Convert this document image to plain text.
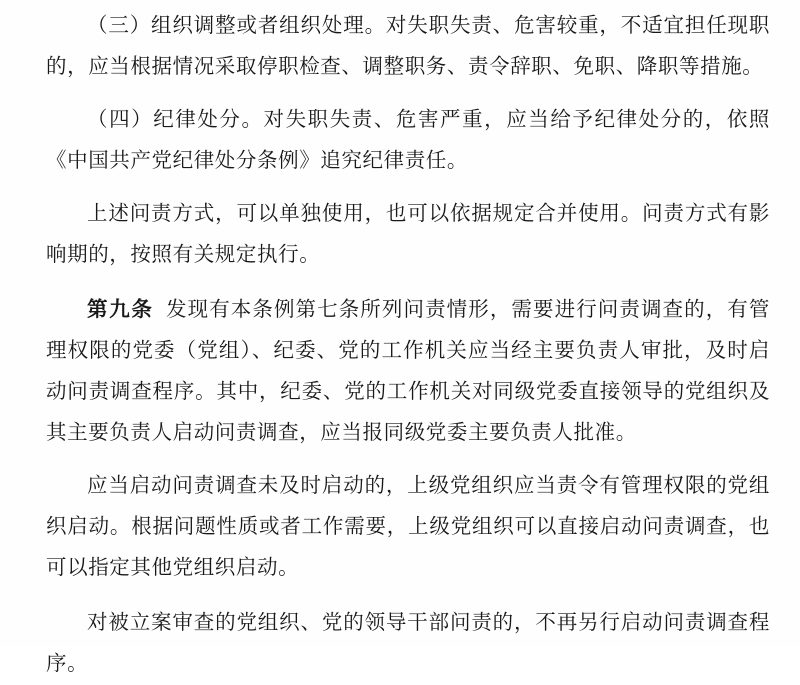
（三）组织调整或者组织处理。对失职失责、危害较重，不适宜担任现职的，应当根据情况采取停职检查、调整职务、责令辞职、免职、降职等措施。

（四）纪律处分。对失职失责、危害严重，应当给予纪律处分的，依照《中国共产党纪律处分条例》追究纪律责任。

上述问责方式，可以单独使用，也可以依据规定合并使用。问责方式有影响期的，按照有关规定执行。

第九条 发现有本条例第七条所列问责情形，需要进行问责调查的，有管理权限的党委（党组）、纪委、党的工作机关应当经主要负责人审批，及时启动问责调查程序。其中，纪委、党的工作机关对同级党委直接领导的党组织及其主要负责人启动问责调查，应当报同级党委主要负责人批准。

应当启动问责调查未及时启动的，上级党组织应当责令有管理权限的党组织启动。根据问题性质或者工作需要，上级党组织可以直接启动问责调查，也可以指定其他党组织启动。

对被立案审查的党组织、党的领导干部问责的，不再另行启动问责调查程序。
